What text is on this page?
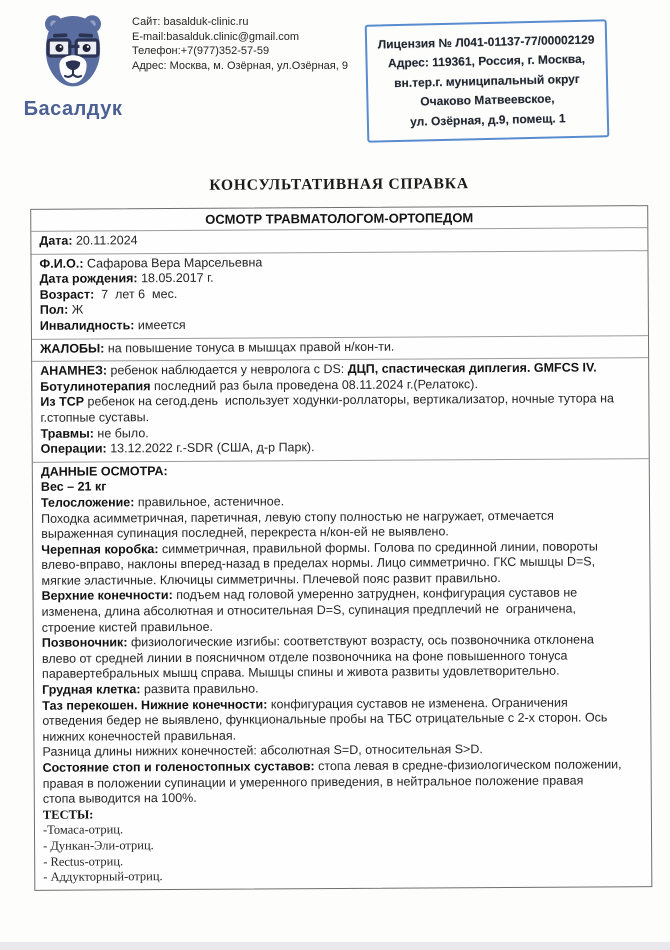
Басалдук
Сайт: basalduk-clinic.ru
E-mail:basalduk.clinic@gmail.com
Телефон:+7(977)352-57-59
Адрес: Москва, м. Озёрная, ул.Озёрная, 9
Лицензия № Л041-01137-77/00002129
Адрес: 119361, Россия, г. Москва,
вн.тер.г. муниципальный округ
Очаково Матвеевское,
ул. Озёрная, д.9, помещ. 1
КОНСУЛЬТАТИВНАЯ СПРАВКА
ОСМОТР ТРАВМАТОЛОГОМ-ОРТОПЕДОМ
Дата: 20.11.2024
Ф.И.О.: Сафарова Вера Марсельевна
Дата рождения: 18.05.2017 г.
Возраст:  7  лет 6  мес.
Пол: Ж
Инвалидность: имеется
ЖАЛОБЫ: на повышение тонуса в мышцах правой н/кон-ти.
АНАМНЕЗ: ребенок наблюдается у невролога с DS: ДЦП, спастическая диплегия. GMFCS IV.
Ботулинотерапия последний раз была проведена 08.11.2024 г.(Релатокс).
Из ТСР ребенок на сегод.день  использует ходунки-роллаторы, вертикализатор, ночные тутора на
г.стопные суставы.
Травмы: не было.
Операции: 13.12.2022 г.-SDR (США, д-р Парк).
ДАННЫЕ ОСМОТРА:
Вес – 21 кг
Телосложение: правильное, астеничное.
Походка асимметричная, паретичная, левую стопу полностью не нагружает, отмечается
выраженная супинация последней, перекреста н/кон-ей не выявлено.
Черепная коробка: симметричная, правильной формы. Голова по срединной линии, повороты
влево-вправо, наклоны вперед-назад в пределах нормы. Лицо симметрично. ГКС мышцы D=S,
мягкие эластичные. Ключицы симметричны. Плечевой пояс развит правильно.
Верхние конечности: подъем над головой умеренно затруднен, конфигурация суставов не
изменена, длина абсолютная и относительная D=S, супинация предплечий не  ограничена,
строение кистей правильное.
Позвоночник: физиологические изгибы: соответствуют возрасту, ось позвоночника отклонена
влево от средней линии в поясничном отделе позвоночника на фоне повышенного тонуса
паравертебральных мышц справа. Мышцы спины и живота развиты удовлетворительно.
Грудная клетка: развита правильно.
Таз перекошен. Нижние конечности: конфигурация суставов не изменена. Ограничения
отведения бедер не выявлено, функциональные пробы на ТБС отрицательные с 2-х сторон. Ось
нижних конечностей правильная.
Разница длины нижних конечностей: абсолютная S=D, относительная S>D.
Состояние стоп и голеностопных суставов: стопа левая в средне-физиологическом положении,
правая в положении супинации и умеренного приведения, в нейтральное положение правая
стопа выводится на 100%.
ТЕСТЫ:
-Томаса-отриц.
- Дункан-Эли-отриц.
- Rectus-отриц.
- Аддукторный-отриц.
